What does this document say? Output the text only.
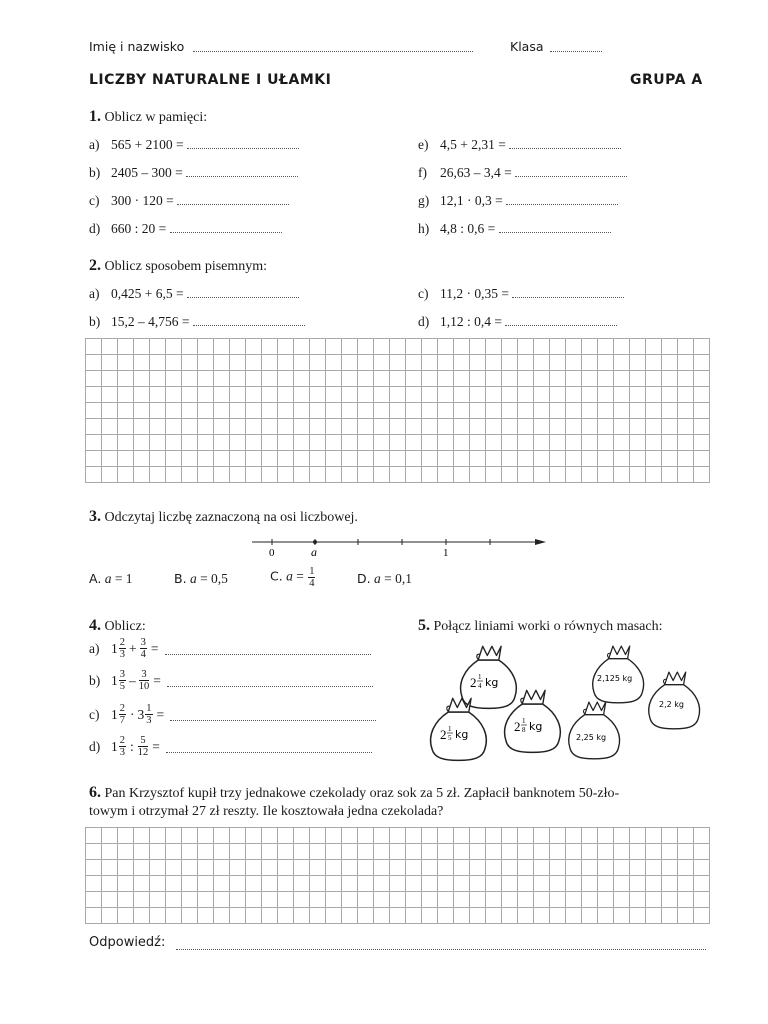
Imię i nazwisko	Klasa
LICZBY NATURALNE I UŁAMKI	GRUPA A
1. Oblicz w pamięci:
a) 565 + 2100 =
b) 2405 – 300 =
c) 300 · 120 =
d) 660 : 20 =
e) 4,5 + 2,31 =
f) 26,63 – 3,4 =
g) 12,1 · 0,3 =
h) 4,8 : 0,6 =
2. Oblicz sposobem pisemnym:
a) 0,425 + 6,5 =
b) 15,2 – 4,756 =
c) 11,2 · 0,35 =
d) 1,12 : 0,4 =
3. Odczytaj liczbę zaznaczoną na osi liczbowej.
0	a	1
A. a = 1	B. a = 0,5	C. $a = \frac{1}{4}$	D. a = 0,1
4. Oblicz:
a) $1 \frac{2}{3} + \frac{3}{4}$ =
b) $1 \frac{3}{5} - \frac{3}{10}$ =
c) $1 \frac{2}{7} \cdot 3 \frac{1}{3}$ =
d) $1 \frac{2}{3}$ : $\frac{5}{12}$ =
5. Połącz liniami worki o równych masach:
2 1
4 kg	2,125 kg
2,2 kg
2 1
8 kg
2 1
5 kg	2,25 kg
6. Pan Krzysztof kupił trzy jednakowe czekolady oraz sok za 5 zł. Zapłacił banknotem 50-zło-
towym i otrzymał 27 zł reszty. Ile kosztowała jedna czekolada?
Odpowiedź:
